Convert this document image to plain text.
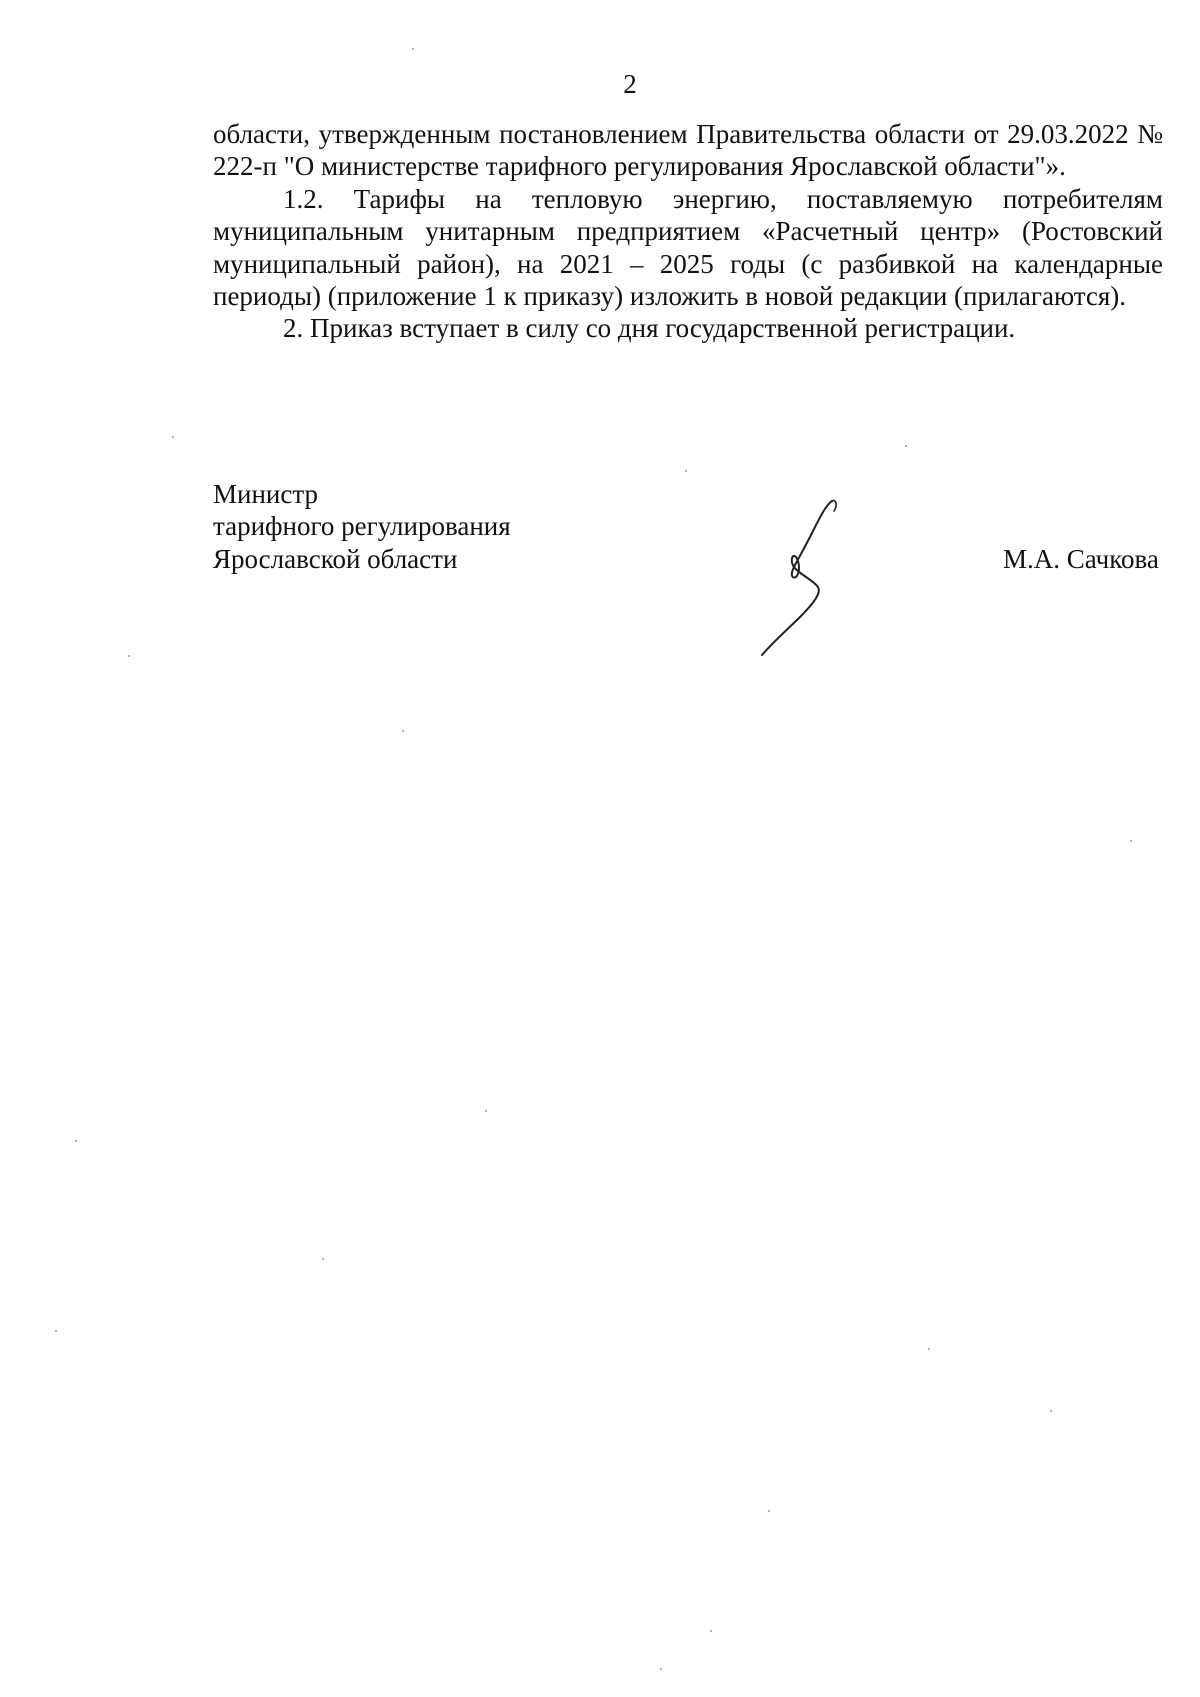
2

области, утвержденным постановлением Правительства области от 29.03.2022 № 222-п "О министерстве тарифного регулирования Ярославской области"».

1.2. Тарифы на тепловую энергию, поставляемую потребителям муниципальным унитарным предприятием «Расчетный центр» (Ростовский муниципальный район), на 2021 – 2025 годы (с разбивкой на календарные периоды) (приложение 1 к приказу) изложить в новой редакции (прилагаются).

2. Приказ вступает в силу со дня государственной регистрации.

Министр
тарифного регулирования
Ярославской области	М.А. Сачкова
